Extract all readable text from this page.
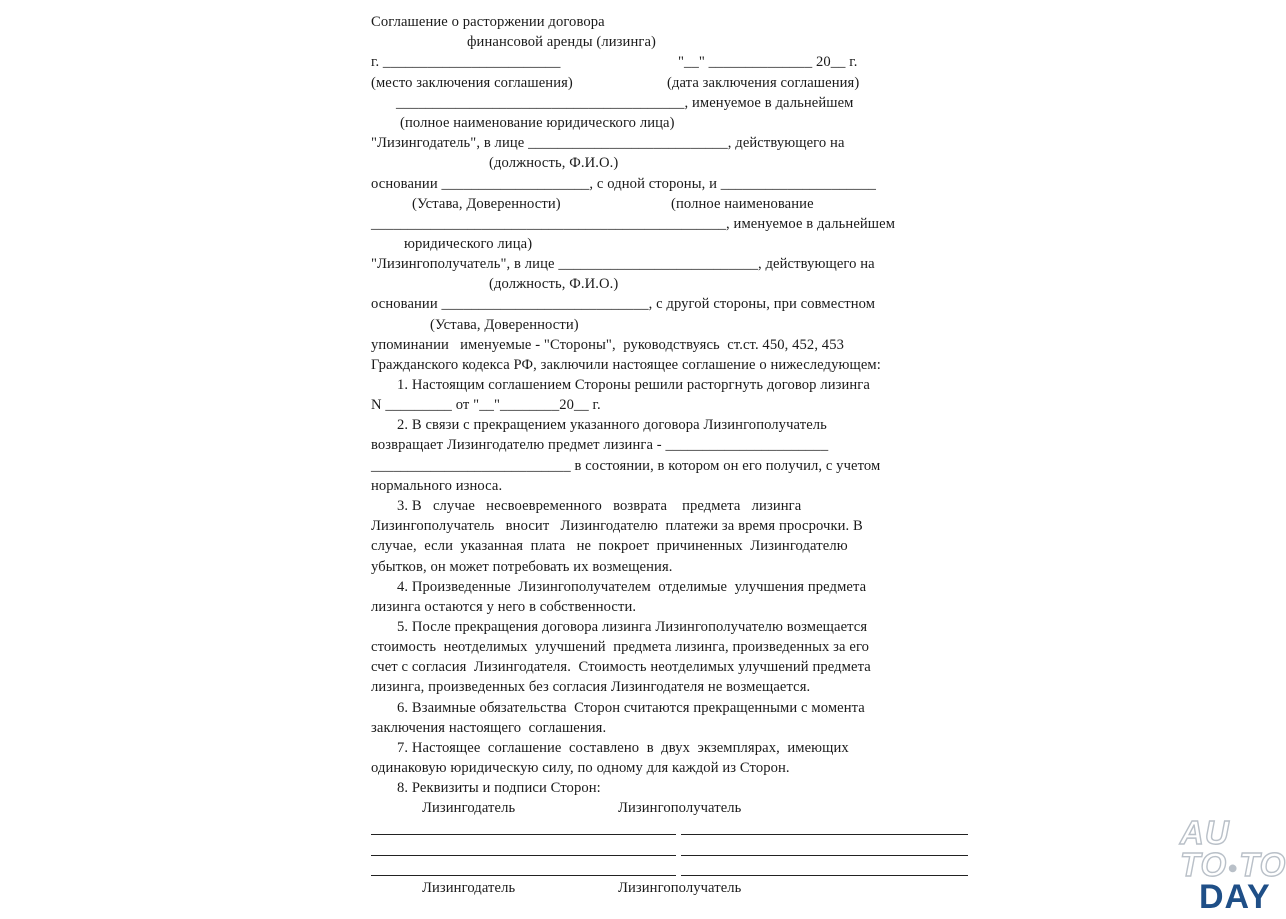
Соглашение о расторжении договора
финансовой аренды (лизинга)
г. ________________________	"__" ______________ 20__ г.
(место заключения соглашения)	(дата заключения соглашения)
_______________________________________, именуемое в дальнейшем
(полное наименование юридического лица)
"Лизингодатель", в лице ___________________________, действующего на
(должность, Ф.И.О.)
основании ____________________, с одной стороны, и _____________________
(Устава, Доверенности)	(полное наименование
________________________________________________, именуемое в дальнейшем
юридического лица)
"Лизингополучатель", в лице ___________________________, действующего на
(должность, Ф.И.О.)
основании ____________________________, с другой стороны, при совместном
(Устава, Доверенности)
упоминании   именуемые - "Стороны",  руководствуясь  ст.ст. 450, 452, 453
Гражданского кодекса РФ, заключили настоящее соглашение о нижеследующем:
1. Настоящим соглашением Стороны решили расторгнуть договор лизинга
N _________ от "__"________20__ г.
2. В связи с прекращением указанного договора Лизингополучатель
возвращает Лизингодателю предмет лизинга - ______________________
___________________________ в состоянии, в котором он его получил, с учетом
нормального износа.
3. В   случае   несвоевременного   возврата    предмета   лизинга
Лизингополучатель   вносит   Лизингодателю  платежи за время просрочки. В
случае,  если  указанная  плата   не  покроет  причиненных  Лизингодателю
убытков, он может потребовать их возмещения.
4. Произведенные  Лизингополучателем  отделимые  улучшения предмета
лизинга остаются у него в собственности.
5. После прекращения договора лизинга Лизингополучателю возмещается
стоимость  неотделимых  улучшений  предмета лизинга, произведенных за его
счет с согласия  Лизингодателя.  Стоимость неотделимых улучшений предмета
лизинга, произведенных без согласия Лизингодателя не возмещается.
6. Взаимные обязательства  Сторон считаются прекращенными с момента
заключения настоящего  соглашения.
7. Настоящее  соглашение  составлено  в  двух  экземплярах,  имеющих
одинаковую юридическую силу, по одному для каждой из Сторон.
8. Реквизиты и подписи Сторон:
Лизингодатель	Лизингополучатель
Лизингодатель	Лизингополучатель
AU
TO●TO
DAY
